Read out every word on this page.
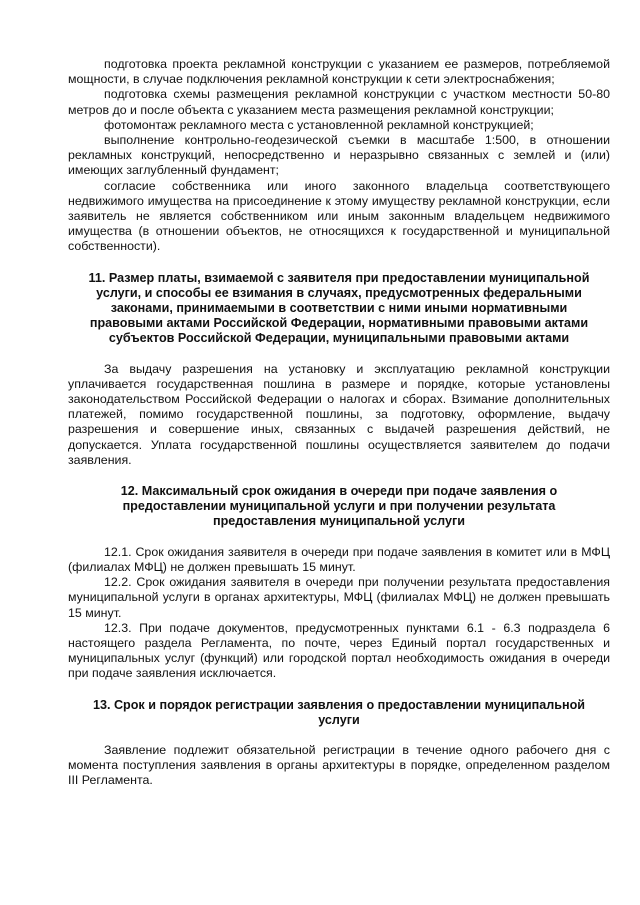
подготовка проекта рекламной конструкции с указанием ее размеров, потребляемой мощности, в случае подключения рекламной конструкции к сети электроснабжения;

подготовка схемы размещения рекламной конструкции с участком местности 50-80 метров до и после объекта с указанием места размещения рекламной конструкции;

фотомонтаж рекламного места с установленной рекламной конструкцией;

выполнение контрольно-геодезической съемки в масштабе 1:500, в отношении рекламных конструкций, непосредственно и неразрывно связанных с землей и (или) имеющих заглубленный фундамент;

согласие собственника или иного законного владельца соответствующего недвижимого имущества на присоединение к этому имуществу рекламной конструкции, если заявитель не является собственником или иным законным владельцем недвижимого имущества (в отношении объектов, не относящихся к государственной и муниципальной собственности).

11. Размер платы, взимаемой с заявителя при предоставлении муниципальной услуги, и способы ее взимания в случаях, предусмотренных федеральными законами, принимаемыми в соответствии с ними иными нормативными правовыми актами Российской Федерации, нормативными правовыми актами субъектов Российской Федерации, муниципальными правовыми актами

За выдачу разрешения на установку и эксплуатацию рекламной конструкции уплачивается государственная пошлина в размере и порядке, которые установлены законодательством Российской Федерации о налогах и сборах. Взимание дополнительных платежей, помимо государственной пошлины, за подготовку, оформление, выдачу разрешения и совершение иных, связанных с выдачей разрешения действий, не допускается. Уплата государственной пошлины осуществляется заявителем до подачи заявления.

12. Максимальный срок ожидания в очереди при подаче заявления о предоставлении муниципальной услуги и при получении результата предоставления муниципальной услуги

12.1. Срок ожидания заявителя в очереди при подаче заявления в комитет или в МФЦ (филиалах МФЦ) не должен превышать 15 минут.

12.2. Срок ожидания заявителя в очереди при получении результата предоставления муниципальной услуги в органах архитектуры, МФЦ (филиалах МФЦ) не должен превышать 15 минут.

12.3. При подаче документов, предусмотренных пунктами 6.1 - 6.3 подраздела 6 настоящего раздела Регламента, по почте, через Единый портал государственных и муниципальных услуг (функций) или городской портал необходимость ожидания в очереди при подаче заявления исключается.

13. Срок и порядок регистрации заявления о предоставлении муниципальной услуги

Заявление подлежит обязательной регистрации в течение одного рабочего дня с момента поступления заявления в органы архитектуры в порядке, определенном разделом III Регламента.
